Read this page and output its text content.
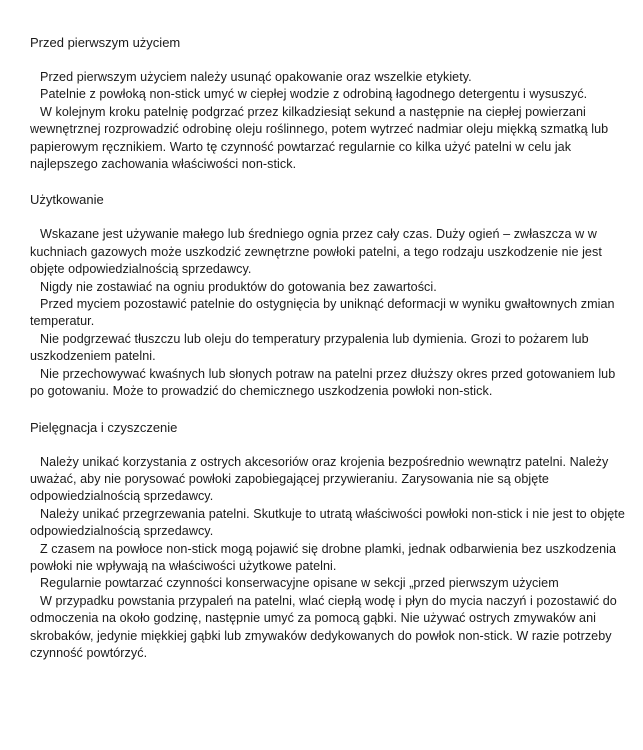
Przed pierwszym użyciem

Przed pierwszym użyciem należy usunąć opakowanie oraz wszelkie etykiety.

Patelnie z powłoką non-stick umyć w ciepłej wodzie z odrobiną łagodnego detergentu i wysuszyć.

W kolejnym kroku patelnię podgrzać przez kilkadziesiąt sekund a następnie na ciepłej powierzani wewnętrznej rozprowadzić odrobinę oleju roślinnego, potem wytrzeć nadmiar oleju miękką szmatką lub papierowym ręcznikiem. Warto tę czynność powtarzać regularnie co kilka użyć patelni w celu jak najlepszego zachowania właściwości non-stick.

Użytkowanie

Wskazane jest używanie małego lub średniego ognia przez cały czas. Duży ogień – zwłaszcza w w kuchniach gazowych może uszkodzić zewnętrzne powłoki patelni, a tego rodzaju uszkodzenie nie jest objęte odpowiedzialnością sprzedawcy.

Nigdy nie zostawiać na ogniu produktów do gotowania bez zawartości.

Przed myciem pozostawić patelnie do ostygnięcia by uniknąć deformacji w wyniku gwałtownych zmian temperatur.

Nie podgrzewać tłuszczu lub oleju do temperatury przypalenia lub dymienia. Grozi to pożarem lub uszkodzeniem patelni.

Nie przechowywać kwaśnych lub słonych potraw na patelni przez dłuższy okres przed gotowaniem lub po gotowaniu. Może to prowadzić do chemicznego uszkodzenia powłoki non-stick.

Pielęgnacja i czyszczenie

Należy unikać korzystania z ostrych akcesoriów oraz krojenia bezpośrednio wewnątrz patelni. Należy uważać, aby nie porysować powłoki zapobiegającej przywieraniu. Zarysowania nie są objęte odpowiedzialnością sprzedawcy.

Należy unikać przegrzewania patelni. Skutkuje to utratą właściwości powłoki non-stick i nie jest to objęte odpowiedzialnością sprzedawcy.

Z czasem na powłoce non-stick mogą pojawić się drobne plamki, jednak odbarwienia bez uszkodzenia powłoki nie wpływają na właściwości użytkowe patelni.

Regularnie powtarzać czynności konserwacyjne opisane w sekcji „przed pierwszym użyciem

W przypadku powstania przypaleń na patelni, wlać ciepłą wodę i płyn do mycia naczyń i pozostawić do odmoczenia na około godzinę, następnie umyć za pomocą gąbki. Nie używać ostrych zmywaków ani skrobaków, jedynie miękkiej gąbki lub zmywaków dedykowanych do powłok non-stick. W razie potrzeby czynność powtórzyć.
